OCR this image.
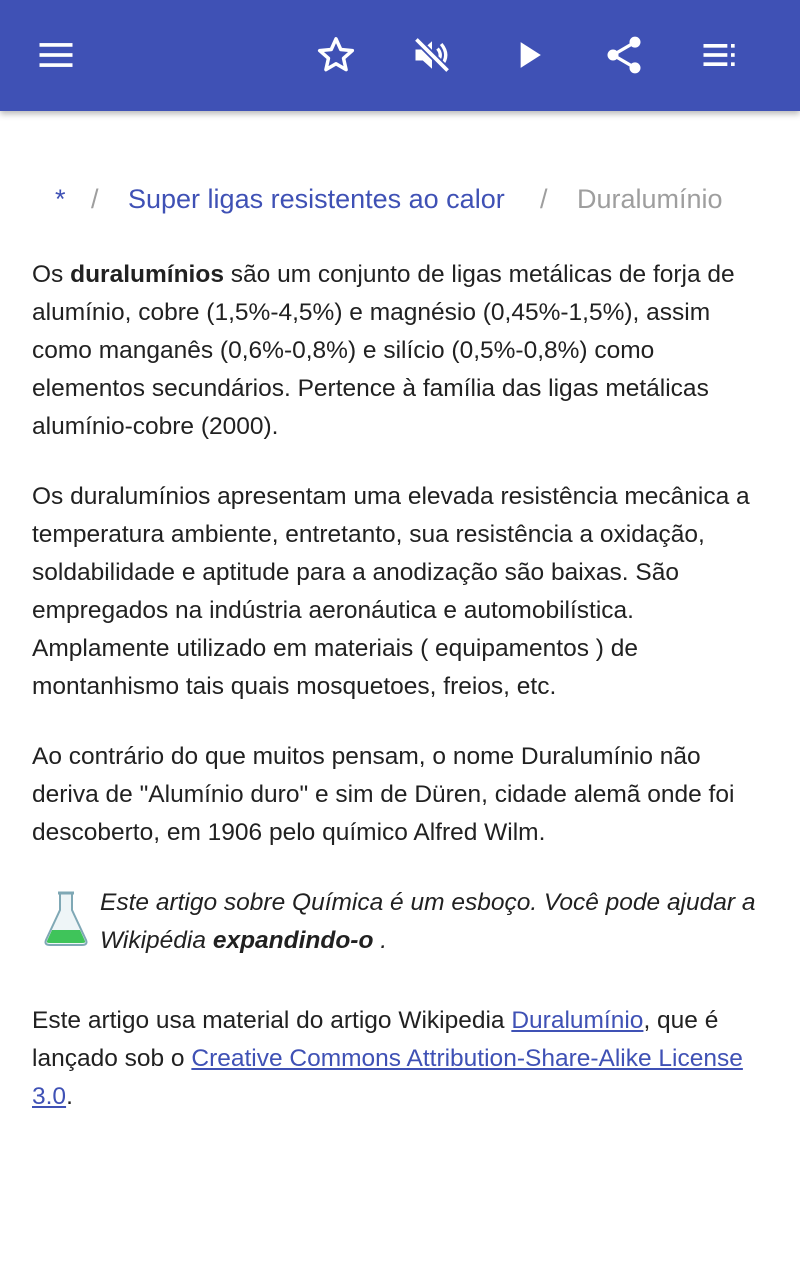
* / Super ligas resistentes ao calor / Duralumínio

Os duralumínios são um conjunto de ligas metálicas de forja de alumínio, cobre (1,5%-4,5%) e magnésio (0,45%-1,5%), assim como manganês (0,6%-0,8%) e silício (0,5%-0,8%) como elementos secundários. Pertence à família das ligas metálicas alumínio-cobre (2000).

Os duralumínios apresentam uma elevada resistência mecânica a temperatura ambiente, entretanto, sua resistência a oxidação, soldabilidade e aptitude para a anodização são baixas. São empregados na indústria aeronáutica e automobilística. Amplamente utilizado em materiais ( equipamentos ) de montanhismo tais quais mosquetoes, freios, etc.

Ao contrário do que muitos pensam, o nome Duralumínio não deriva de "Alumínio duro" e sim de Düren, cidade alemã onde foi descoberto, em 1906 pelo químico Alfred Wilm.

Este artigo sobre Química é um esboço. Você pode ajudar a Wikipédia expandindo-o .

Este artigo usa material do artigo Wikipedia Duralumínio, que é lançado sob o Creative Commons Attribution-Share-Alike License 3.0.
